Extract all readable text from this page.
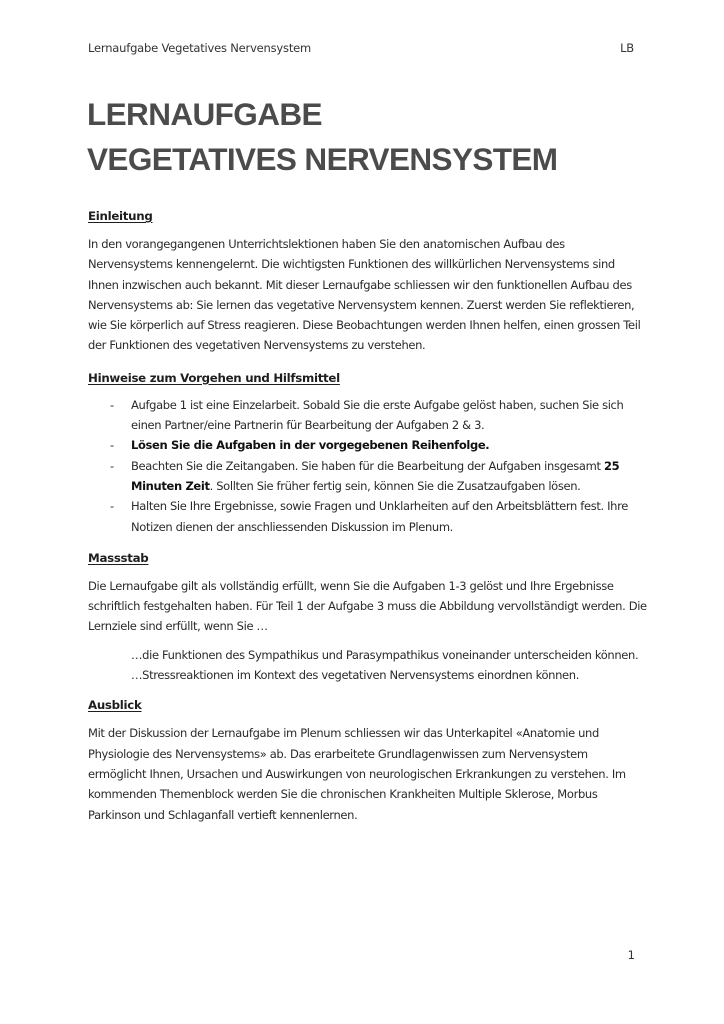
Lernaufgabe Vegetatives Nervensystem	LB
LERNAUFGABE
VEGETATIVES NERVENSYSTEM
Einleitung

In den vorangegangenen Unterrichtslektionen haben Sie den anatomischen Aufbau des Nervensystems kennengelernt. Die wichtigsten Funktionen des willkürlichen Nervensystems sind Ihnen inzwischen auch bekannt. Mit dieser Lernaufgabe schliessen wir den funktionellen Aufbau des Nervensystems ab: Sie lernen das vegetative Nervensystem kennen. Zuerst werden Sie reflektieren, wie Sie körperlich auf Stress reagieren. Diese Beobachtungen werden Ihnen helfen, einen grossen Teil der Funktionen des vegetativen Nervensystems zu verstehen.

Hinweise zum Vorgehen und Hilfsmittel
- Aufgabe 1 ist eine Einzelarbeit. Sobald Sie die erste Aufgabe gelöst haben, suchen Sie sich einen Partner/eine Partnerin für Bearbeitung der Aufgaben 2 & 3.
- Lösen Sie die Aufgaben in der vorgegebenen Reihenfolge.
- Beachten Sie die Zeitangaben. Sie haben für die Bearbeitung der Aufgaben insgesamt 25 Minuten Zeit. Sollten Sie früher fertig sein, können Sie die Zusatzaufgaben lösen.
- Halten Sie Ihre Ergebnisse, sowie Fragen und Unklarheiten auf den Arbeitsblättern fest. Ihre Notizen dienen der anschliessenden Diskussion im Plenum.
Massstab

Die Lernaufgabe gilt als vollständig erfüllt, wenn Sie die Aufgaben 1-3 gelöst und Ihre Ergebnisse schriftlich festgehalten haben. Für Teil 1 der Aufgabe 3 muss die Abbildung vervollständigt werden. Die Lernziele sind erfüllt, wenn Sie …

…die Funktionen des Sympathikus und Parasympathikus voneinander unterscheiden können.
…Stressreaktionen im Kontext des vegetativen Nervensystems einordnen können.
Ausblick

Mit der Diskussion der Lernaufgabe im Plenum schliessen wir das Unterkapitel «Anatomie und Physiologie des Nervensystems» ab. Das erarbeitete Grundlagenwissen zum Nervensystem ermöglicht Ihnen, Ursachen und Auswirkungen von neurologischen Erkrankungen zu verstehen. Im kommenden Themenblock werden Sie die chronischen Krankheiten Multiple Sklerose, Morbus Parkinson und Schlaganfall vertieft kennenlernen.

1
